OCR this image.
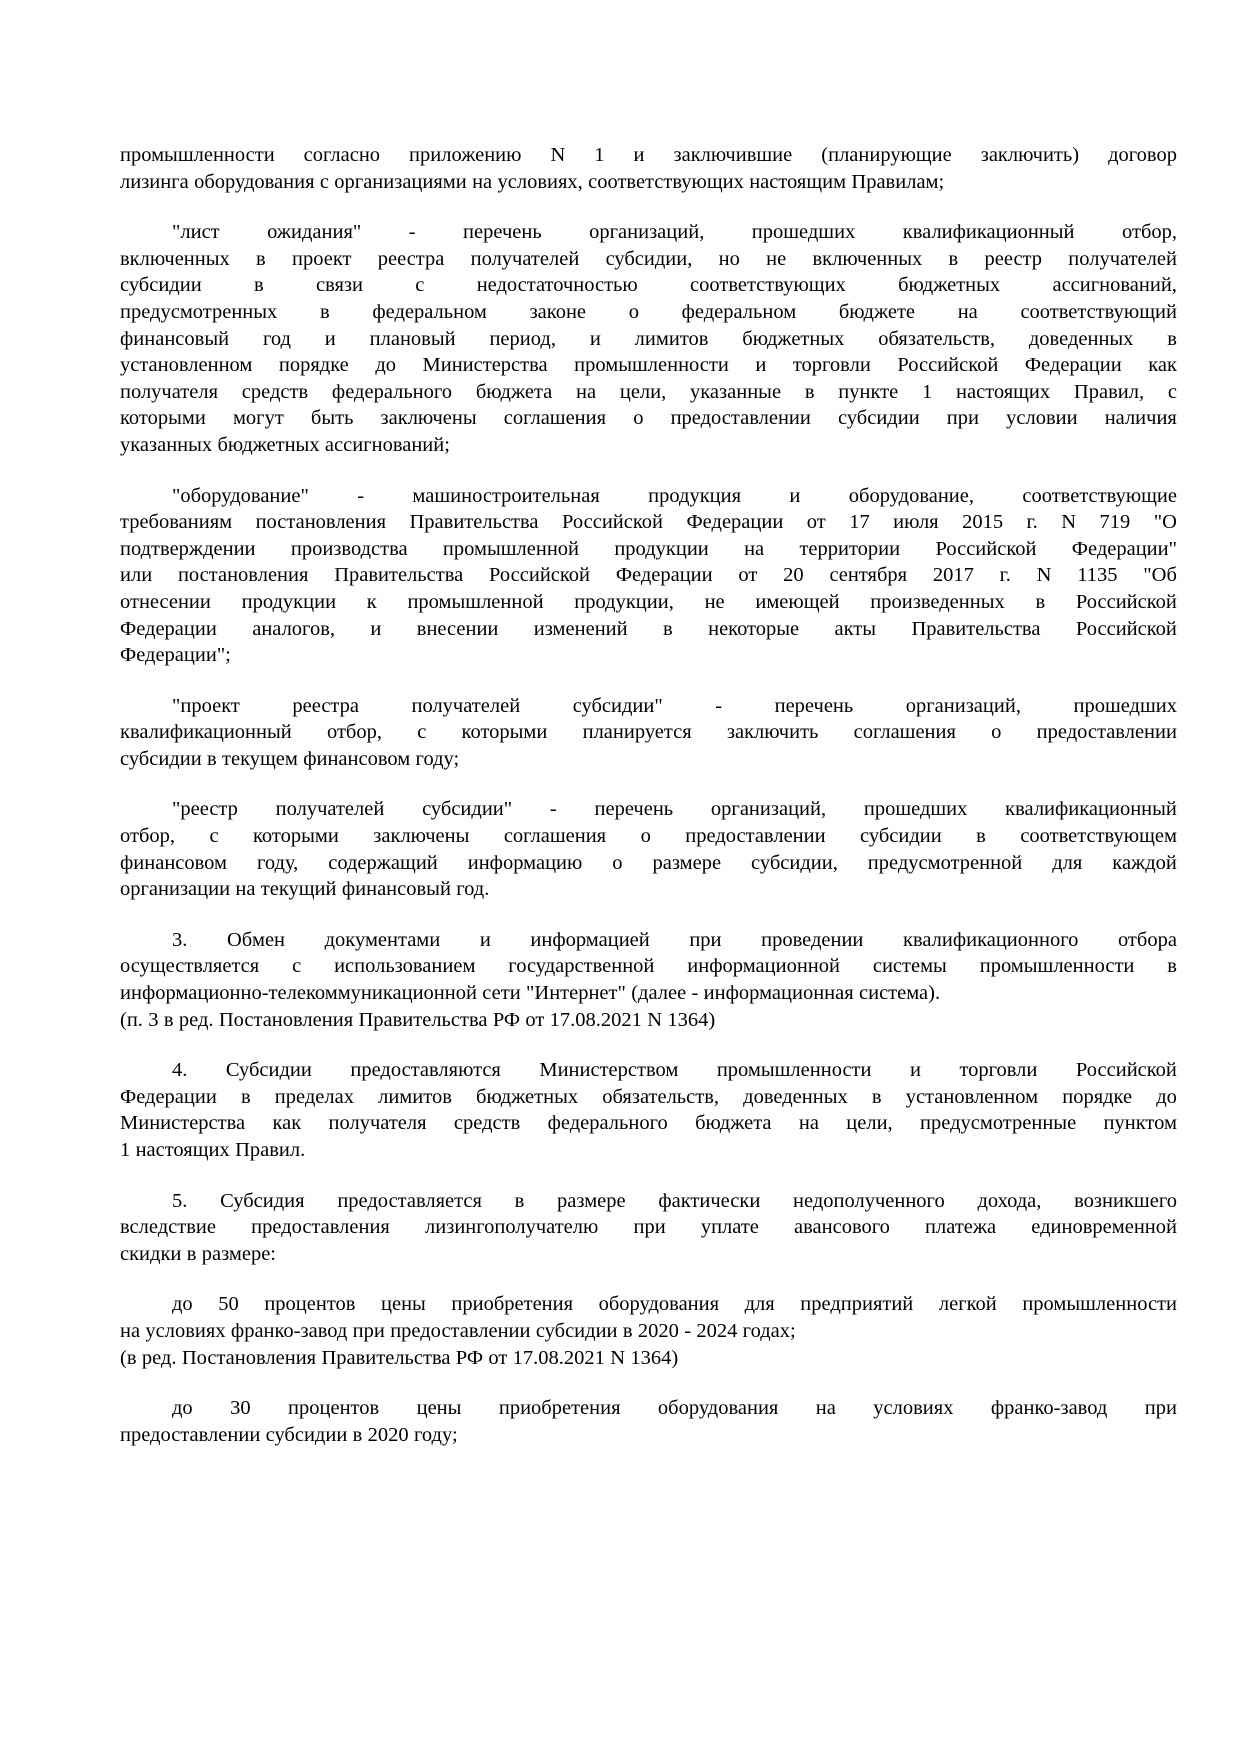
промышленности согласно приложению N 1 и заключившие (планирующие заключить) договор
лизинга оборудования с организациями на условиях, соответствующих настоящим Правилам;
"лист ожидания" - перечень организаций, прошедших квалификационный отбор,
включенных в проект реестра получателей субсидии, но не включенных в реестр получателей
субсидии	в	связи	с	недостаточностью	соответствующих	бюджетных	ассигнований,
предусмотренных в федеральном законе о федеральном бюджете на соответствующий
финансовый год и плановый период, и лимитов бюджетных обязательств, доведенных в
установленном порядке до Министерства промышленности и торговли Российской Федерации как
получателя средств федерального бюджета на цели, указанные в пункте 1 настоящих Правил, с
которыми могут быть заключены соглашения о предоставлении субсидии при условии наличия
указанных бюджетных ассигнований;
"оборудование" - машиностроительная продукция и оборудование, соответствующие
требованиям постановления Правительства Российской Федерации от 17 июля 2015 г. N 719 "О
подтверждении производства промышленной продукции на территории Российской Федерации"
или постановления Правительства Российской Федерации от 20 сентября 2017 г. N 1135 "Об
отнесении продукции к промышленной продукции, не имеющей произведенных в Российской
Федерации аналогов, и внесении изменений в некоторые акты Правительства Российской
Федерации";
"проект	реестра	получателей	субсидии"	-	перечень	организаций,	прошедших
квалификационный отбор, с которыми планируется заключить соглашения о предоставлении
субсидии в текущем финансовом году;
"реестр получателей субсидии" - перечень организаций, прошедших квалификационный
отбор, с которыми заключены соглашения о предоставлении субсидии в соответствующем
финансовом году, содержащий информацию о размере субсидии, предусмотренной для каждой
организации на текущий финансовый год.
3. Обмен документами и информацией при проведении квалификационного отбора
осуществляется с использованием государственной информационной системы промышленности в
информационно-телекоммуникационной сети "Интернет" (далее - информационная система).
(п. 3 в ред. Постановления Правительства РФ от 17.08.2021 N 1364)
4. Субсидии предоставляются Министерством промышленности и торговли Российской
Федерации в пределах лимитов бюджетных обязательств, доведенных в установленном порядке до
Министерства как получателя средств федерального бюджета на цели, предусмотренные пунктом
1 настоящих Правил.
5. Субсидия предоставляется в размере фактически недополученного дохода, возникшего
вследствие предоставления лизингополучателю при уплате авансового платежа единовременной
скидки в размере:
до 50 процентов цены приобретения оборудования для предприятий легкой промышленности
на условиях франко-завод при предоставлении субсидии в 2020 - 2024 годах;
(в ред. Постановления Правительства РФ от 17.08.2021 N 1364)
до 30 процентов цены приобретения оборудования на условиях франко-завод при
предоставлении субсидии в 2020 году;
